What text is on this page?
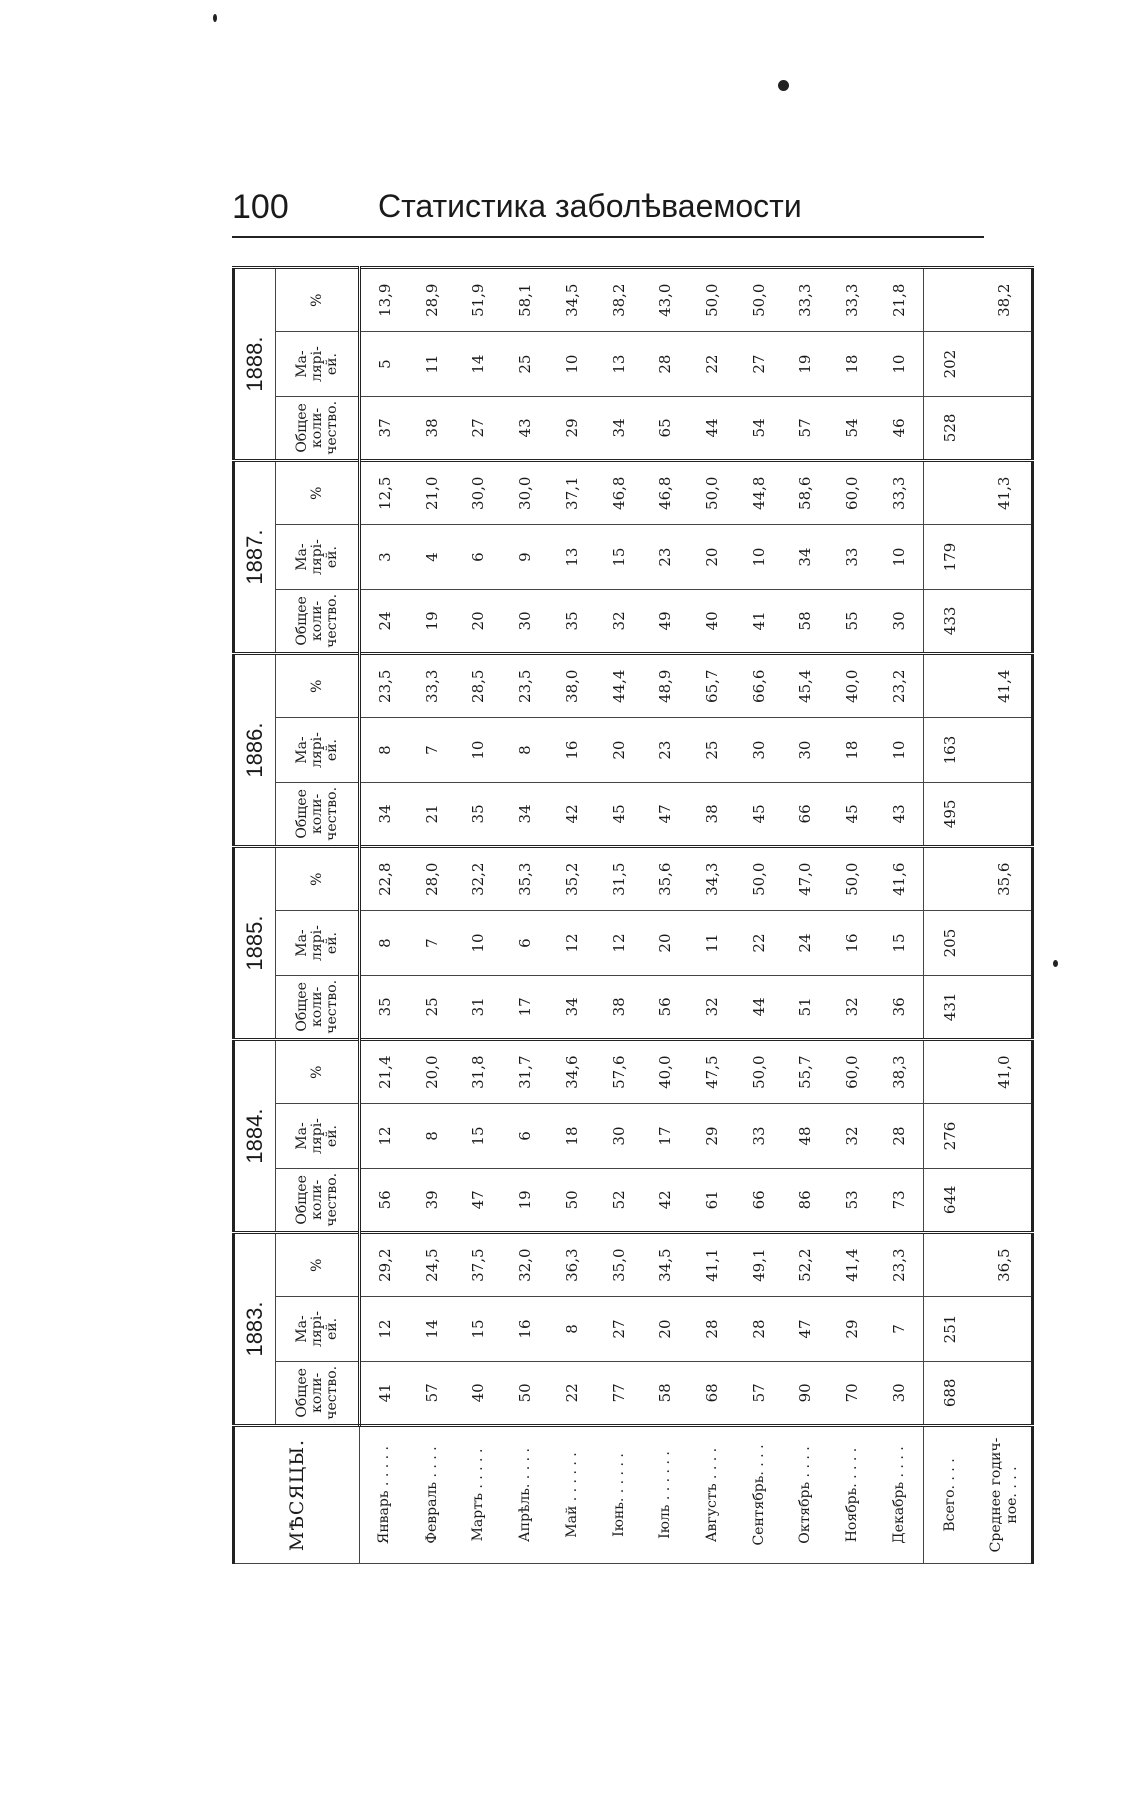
100	Статистика заболѣваемости
МѢСЯЦЫ.	1883.			1884.			1885.			1886.			1887.			1888.		
	Общее коли-чество.	Ма-лярі-ей.	%	Общее коли-чество.	Ма-лярі-ей.	%	Общее коли-чество.	Ма-лярі-ей.	%	Общее коли-чество.	Ма-лярі-ей.	%	Общее коли-чество.	Ма-лярі-ей.	%	Общее коли-чество.	Ма-лярі-ей.	%
Январь . . . . .	41	12	29,2	56	12	21,4	35	8	22,8	34	8	23,5	24	3	12,5	37	5	13,9
Февраль . . . .	57	14	24,5	39	8	20,0	25	7	28,0	21	7	33,3	19	4	21,0	38	11	28,9
Мартъ . . . . .	40	15	37,5	47	15	31,8	31	10	32,2	35	10	28,5	20	6	30,0	27	14	51,9
Апрѣль. . . . .	50	16	32,0	19	6	31,7	17	6	35,3	34	8	23,5	30	9	30,0	43	25	58,1
Май . . . . . .	22	8	36,3	50	18	34,6	34	12	35,2	42	16	38,0	35	13	37,1	29	10	34,5
Іюнь. . . . . .	77	27	35,0	52	30	57,6	38	12	31,5	45	20	44,4	32	15	46,8	34	13	38,2
Іюль . . . . . .	58	20	34,5	42	17	40,0	56	20	35,6	47	23	48,9	49	23	46,8	65	28	43,0
Августъ . . . .	68	28	41,1	61	29	47,5	32	11	34,3	38	25	65,7	40	20	50,0	44	22	50,0
Сентябрь. . . .	57	28	49,1	66	33	50,0	44	22	50,0	45	30	66,6	41	10	44,8	54	27	50,0
Октябрь . . . .	90	47	52,2	86	48	55,7	51	24	47,0	66	30	45,4	58	34	58,6	57	19	33,3
Ноябрь. . . . .	70	29	41,4	53	32	60,0	32	16	50,0	45	18	40,0	55	33	60,0	54	18	33,3
Декабрь . . . .	30	7	23,3	73	28	38,3	36	15	41,6	43	10	23,2	30	10	33,3	46	10	21,8
Всего. . . .	688	251		644	276		431	205		495	163		433	179		528	202	
Среднее годич-ное. . . .			36,5			41,0			35,6			41,4			41,3			38,2
